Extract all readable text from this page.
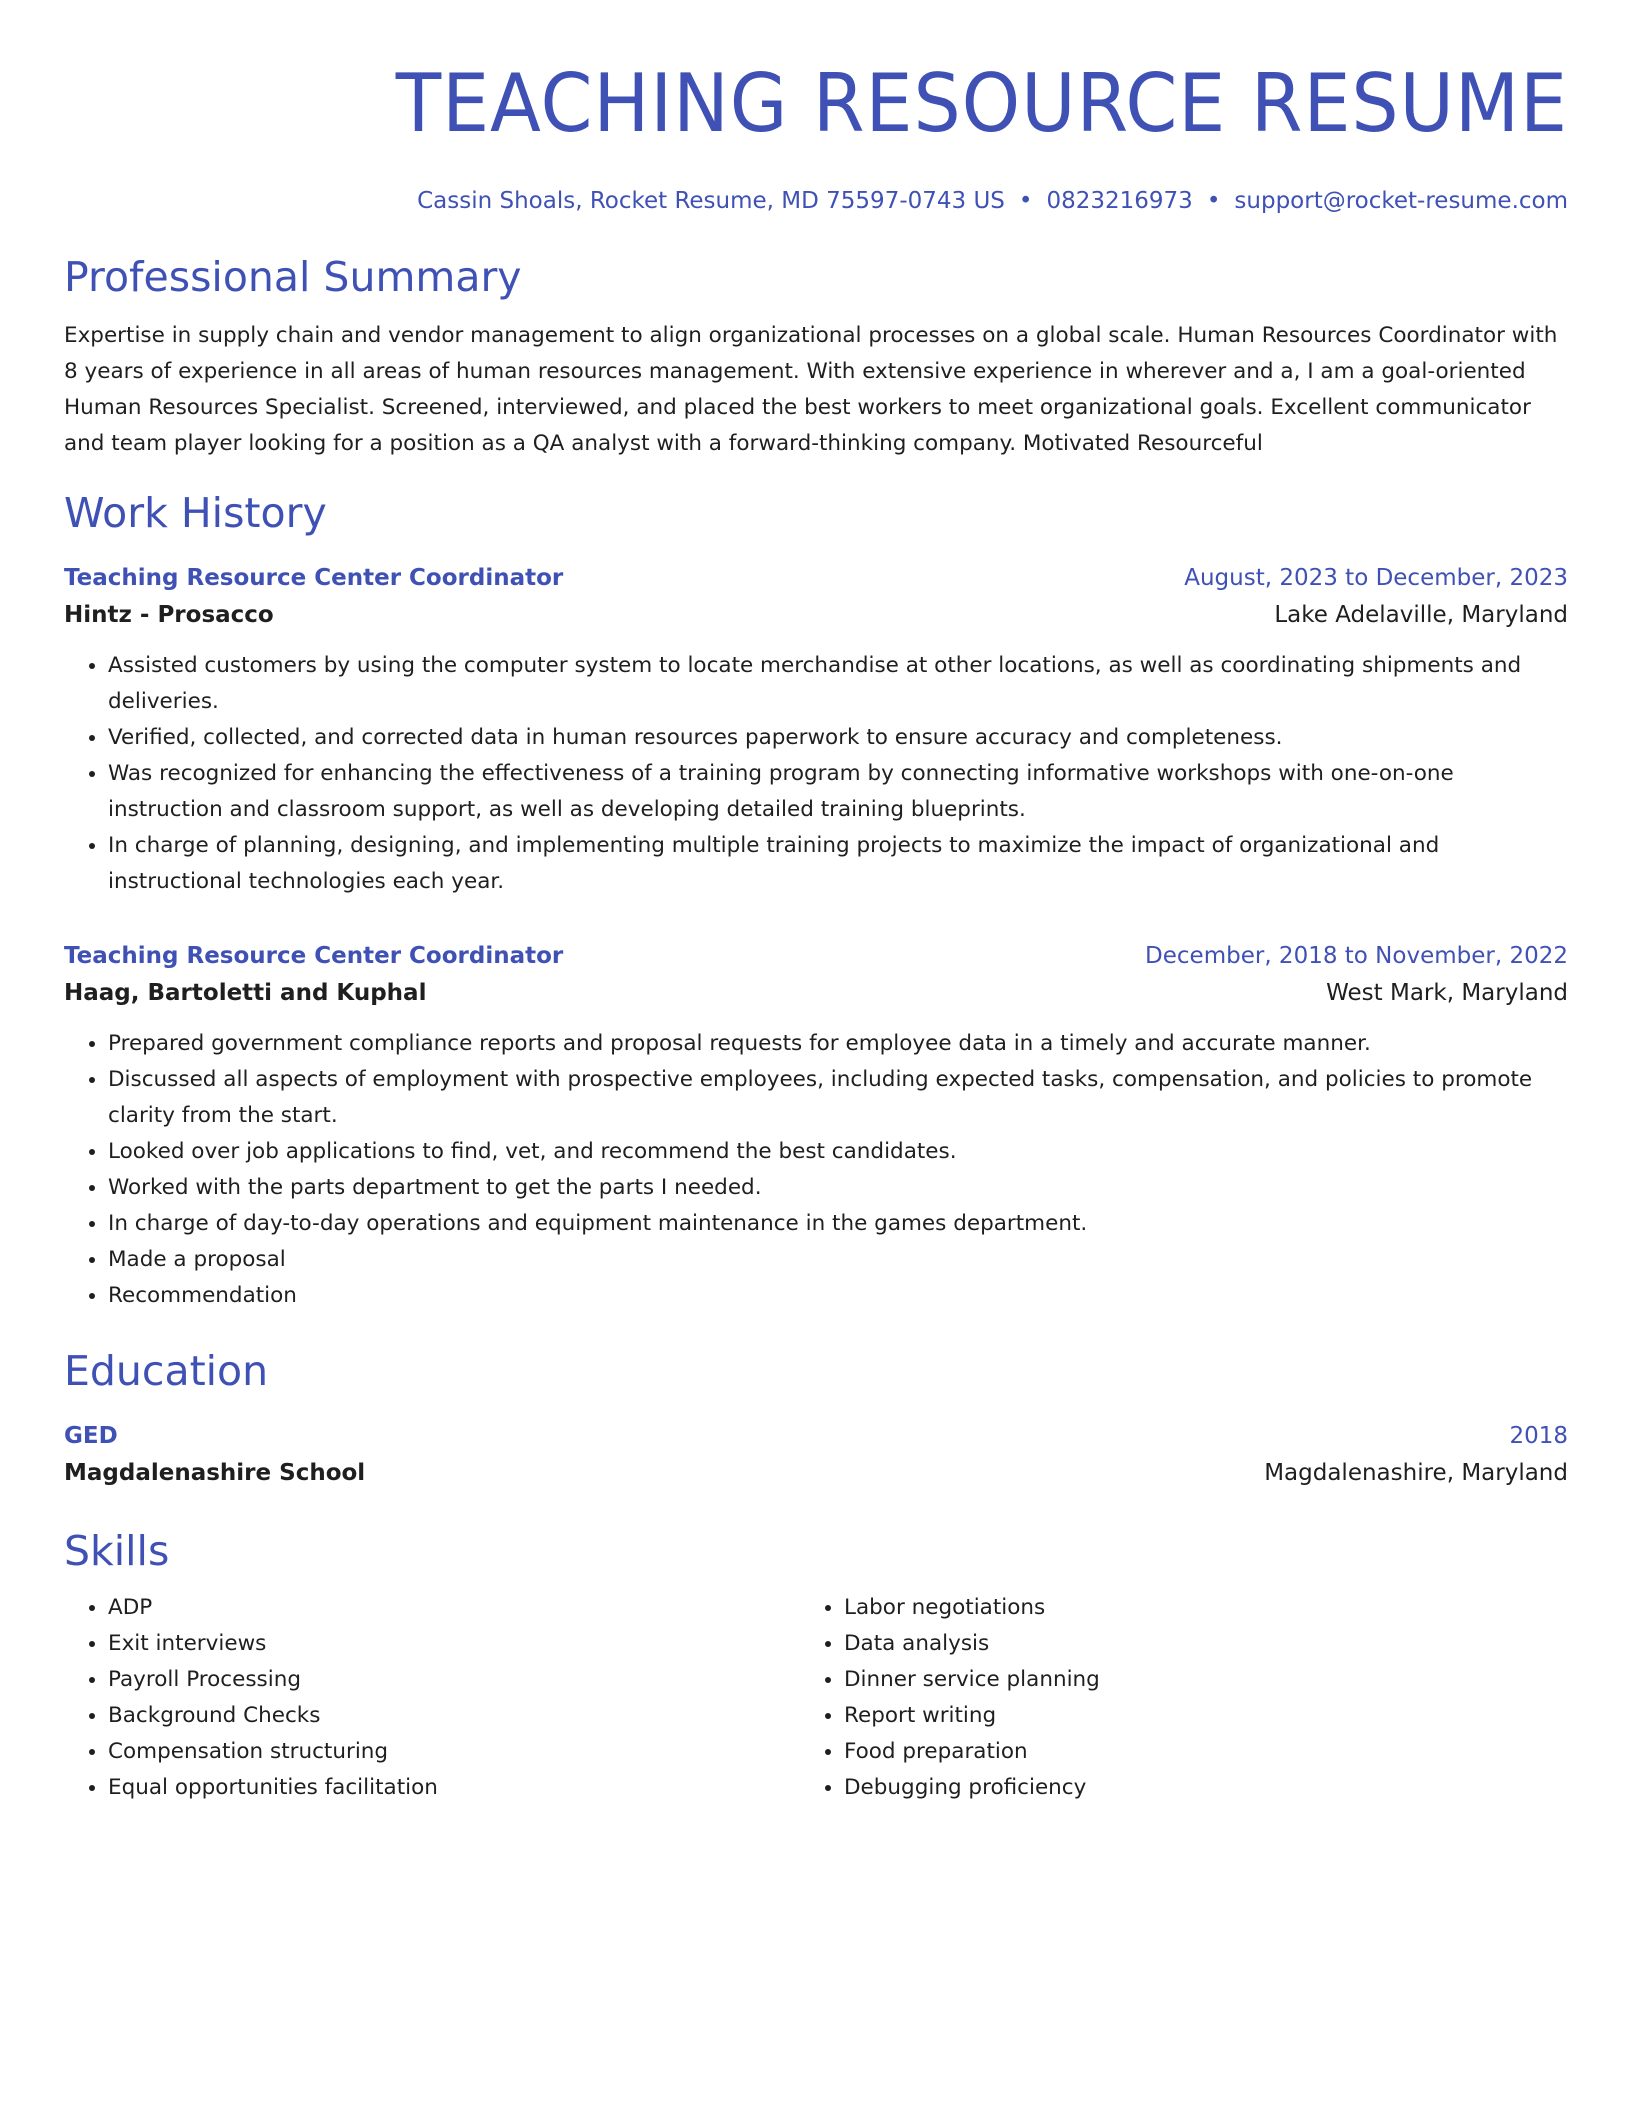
TEACHING RESOURCE RESUME
Cassin Shoals, Rocket Resume, MD 75597-0743 US • 0823216973 • support@rocket-resume.com
Professional Summary
Expertise in supply chain and vendor management to align organizational processes on a global scale. Human Resources Coordinator with 8 years of experience in all areas of human resources management. With extensive experience in wherever and a, I am a goal-oriented Human Resources Specialist. Screened, interviewed, and placed the best workers to meet organizational goals. Excellent communicator and team player looking for a position as a QA analyst with a forward-thinking company. Motivated Resourceful
Work History
Teaching Resource Center Coordinator	August, 2023 to December, 2023
Hintz - Prosacco	Lake Adelaville, Maryland
• Assisted customers by using the computer system to locate merchandise at other locations, as well as coordinating shipments and deliveries.
• Verified, collected, and corrected data in human resources paperwork to ensure accuracy and completeness.
• Was recognized for enhancing the effectiveness of a training program by connecting informative workshops with one-on-one instruction and classroom support, as well as developing detailed training blueprints.
• In charge of planning, designing, and implementing multiple training projects to maximize the impact of organizational and instructional technologies each year.
Teaching Resource Center Coordinator	December, 2018 to November, 2022
Haag, Bartoletti and Kuphal	West Mark, Maryland
• Prepared government compliance reports and proposal requests for employee data in a timely and accurate manner.
• Discussed all aspects of employment with prospective employees, including expected tasks, compensation, and policies to promote clarity from the start.
• Looked over job applications to find, vet, and recommend the best candidates.
• Worked with the parts department to get the parts I needed.
• In charge of day-to-day operations and equipment maintenance in the games department.
• Made a proposal
• Recommendation
Education
GED	2018
Magdalenashire School	Magdalenashire, Maryland
Skills
• ADP
• Exit interviews
• Payroll Processing
• Background Checks
• Compensation structuring
• Equal opportunities facilitation
• Labor negotiations
• Data analysis
• Dinner service planning
• Report writing
• Food preparation
• Debugging proficiency
